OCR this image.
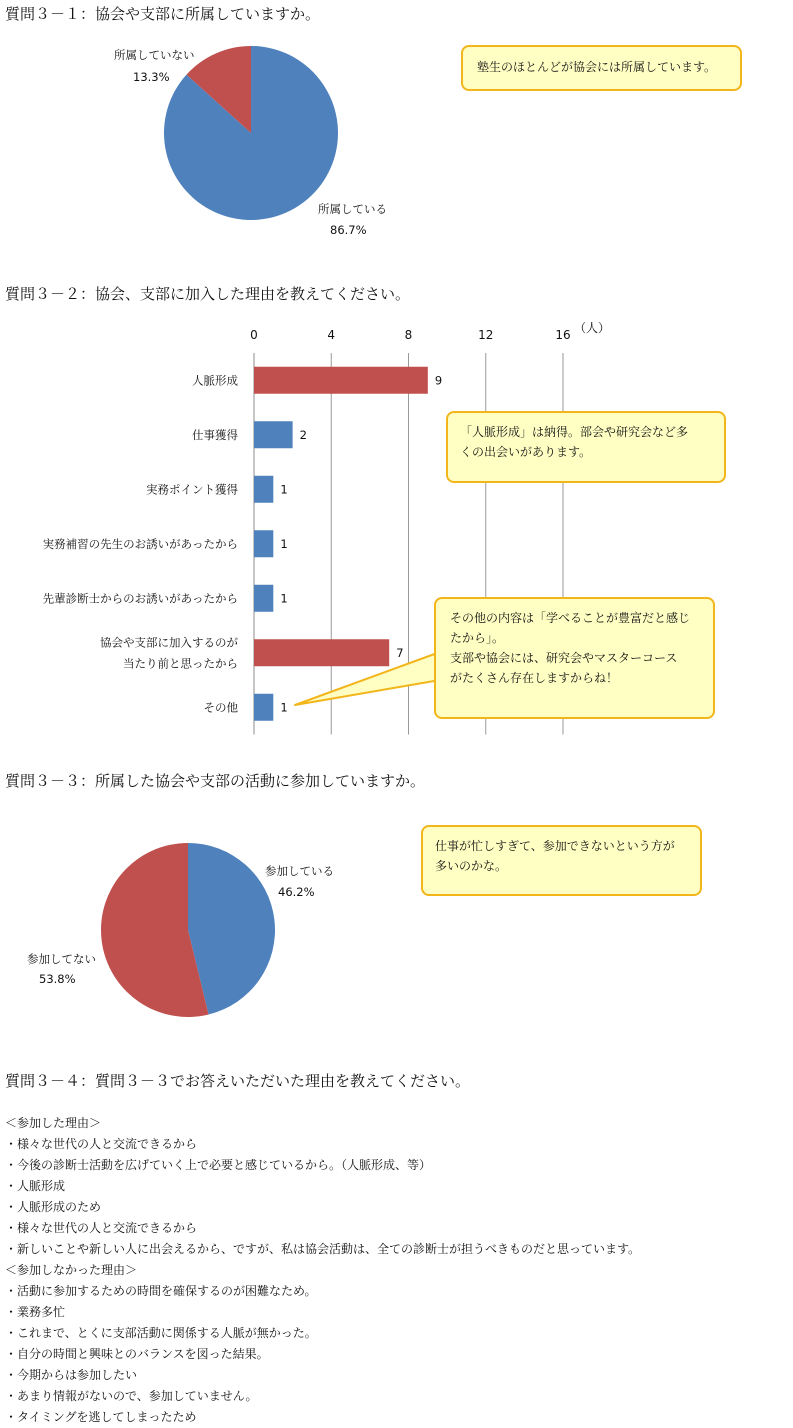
質問３－１：協会や支部に所属していますか。
所属していない
13.3%
所属している
86.7%
塾生のほとんどが協会には所属しています。
質問３－２：協会、支部に加入した理由を教えてください。
0	4	8	12	16 （人）
9
人脈形成
2
仕事獲得
1
実務ポイント獲得
1
実務補習の先生のお誘いがあったから
1
先輩診断士からのお誘いがあったから
7
協会や支部に加入するのが
当たり前と思ったから
1
その他
「人脈形成」は納得。部会や研究会など多
くの出会いがあります。
その他の内容は「学べることが豊富だと感じ
たから」。
支部や協会には、研究会やマスターコース
がたくさん存在しますからね！
質問３－３：所属した協会や支部の活動に参加していますか。
参加している
46.2%
参加してない
53.8%
仕事が忙しすぎて、参加できないという方が
多いのかな。
質問３－４：質問３－３でお答えいただいた理由を教えてください。
＜参加した理由＞
・様々な世代の人と交流できるから
・今後の診断士活動を広げていく上で必要と感じているから。（人脈形成、等）
・人脈形成
・人脈形成のため
・様々な世代の人と交流できるから
・新しいことや新しい人に出会えるから、ですが、私は協会活動は、全ての診断士が担うべきものだと思っています。
＜参加しなかった理由＞
・活動に参加するための時間を確保するのが困難なため。
・業務多忙
・これまで、とくに支部活動に関係する人脈が無かった。
・自分の時間と興味とのバランスを図った結果。
・今期からは参加したい
・あまり情報がないので、参加していません。
・タイミングを逃してしまったため
